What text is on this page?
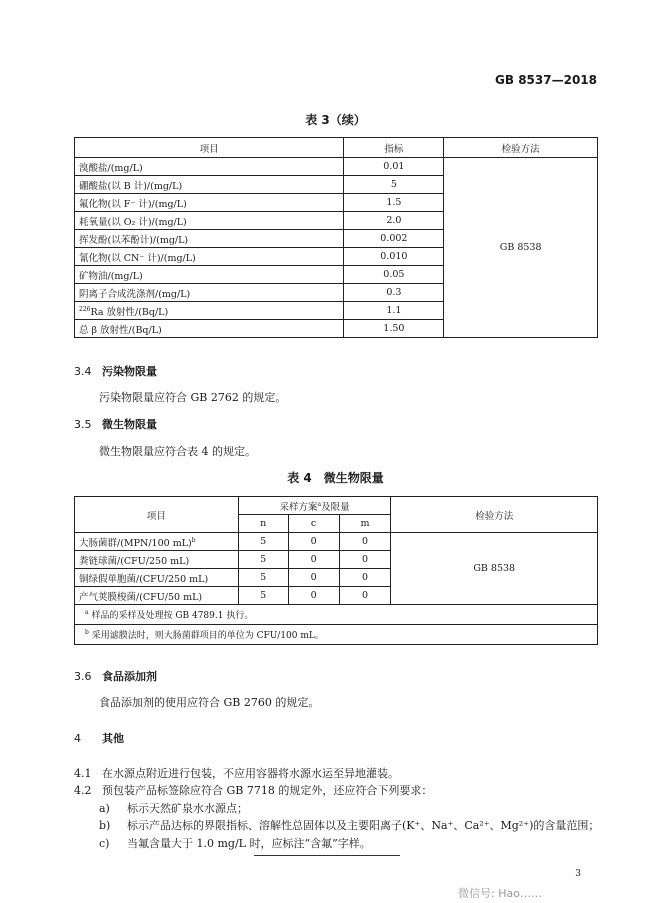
GB 8537—2018
表 3（续）
项目	指标	检验方法
溴酸盐/(mg/L)	0.01	GB 8538
硼酸盐(以 B 计)/(mg/L)	5	
氟化物(以 F⁻ 计)/(mg/L)	1.5	
耗氧量(以 O₂ 计)/(mg/L)	2.0	
挥发酚(以苯酚计)/(mg/L)	0.002	
氰化物(以 CN⁻ 计)/(mg/L)	0.010	
矿物油/(mg/L)	0.05	
阴离子合成洗涤剂/(mg/L)	0.3	
$^{226}$Ra 放射性/(Bq/L)	1.1	
总 β 放射性/(Bq/L)	1.50	
3.4 污染物限量
污染物限量应符合 GB 2762 的规定。
3.5 微生物限量
微生物限量应符合表 4 的规定。
表 4　微生物限量
项目	采样方案$^a$及限量			检验方法
	n	c	m	
大肠菌群/(MPN/100 mL)$^b$	5	0	0	GB 8538
粪链球菌/(CFU/250 mL)	5	0	0	
铜绿假单胞菌/(CFU/250 mL)	5	0	0	
产气荚膜梭菌/(CFU/50 mL)	5	0	0	
$^a$ 样品的采样及处理按 GB 4789.1 执行。				
$^b$ 采用滤膜法时，则大肠菌群项目的单位为 CFU/100 mL。				
3.6 食品添加剂
食品添加剂的使用应符合 GB 2760 的规定。
4 其他
4.1 在水源点附近进行包装，不应用容器将水源水运至异地灌装。
4.2 预包装产品标签除应符合 GB 7718 的规定外，还应符合下列要求：
a) 标示天然矿泉水水源点；
b) 标示产品达标的界限指标、溶解性总固体以及主要阳离子(K⁺、Na⁺、Ca²⁺、Mg²⁺)的含量范围；
c) 当氟含量大于 1.0 mg/L 时，应标注“含氟”字样。
3
微信号: Hao……
